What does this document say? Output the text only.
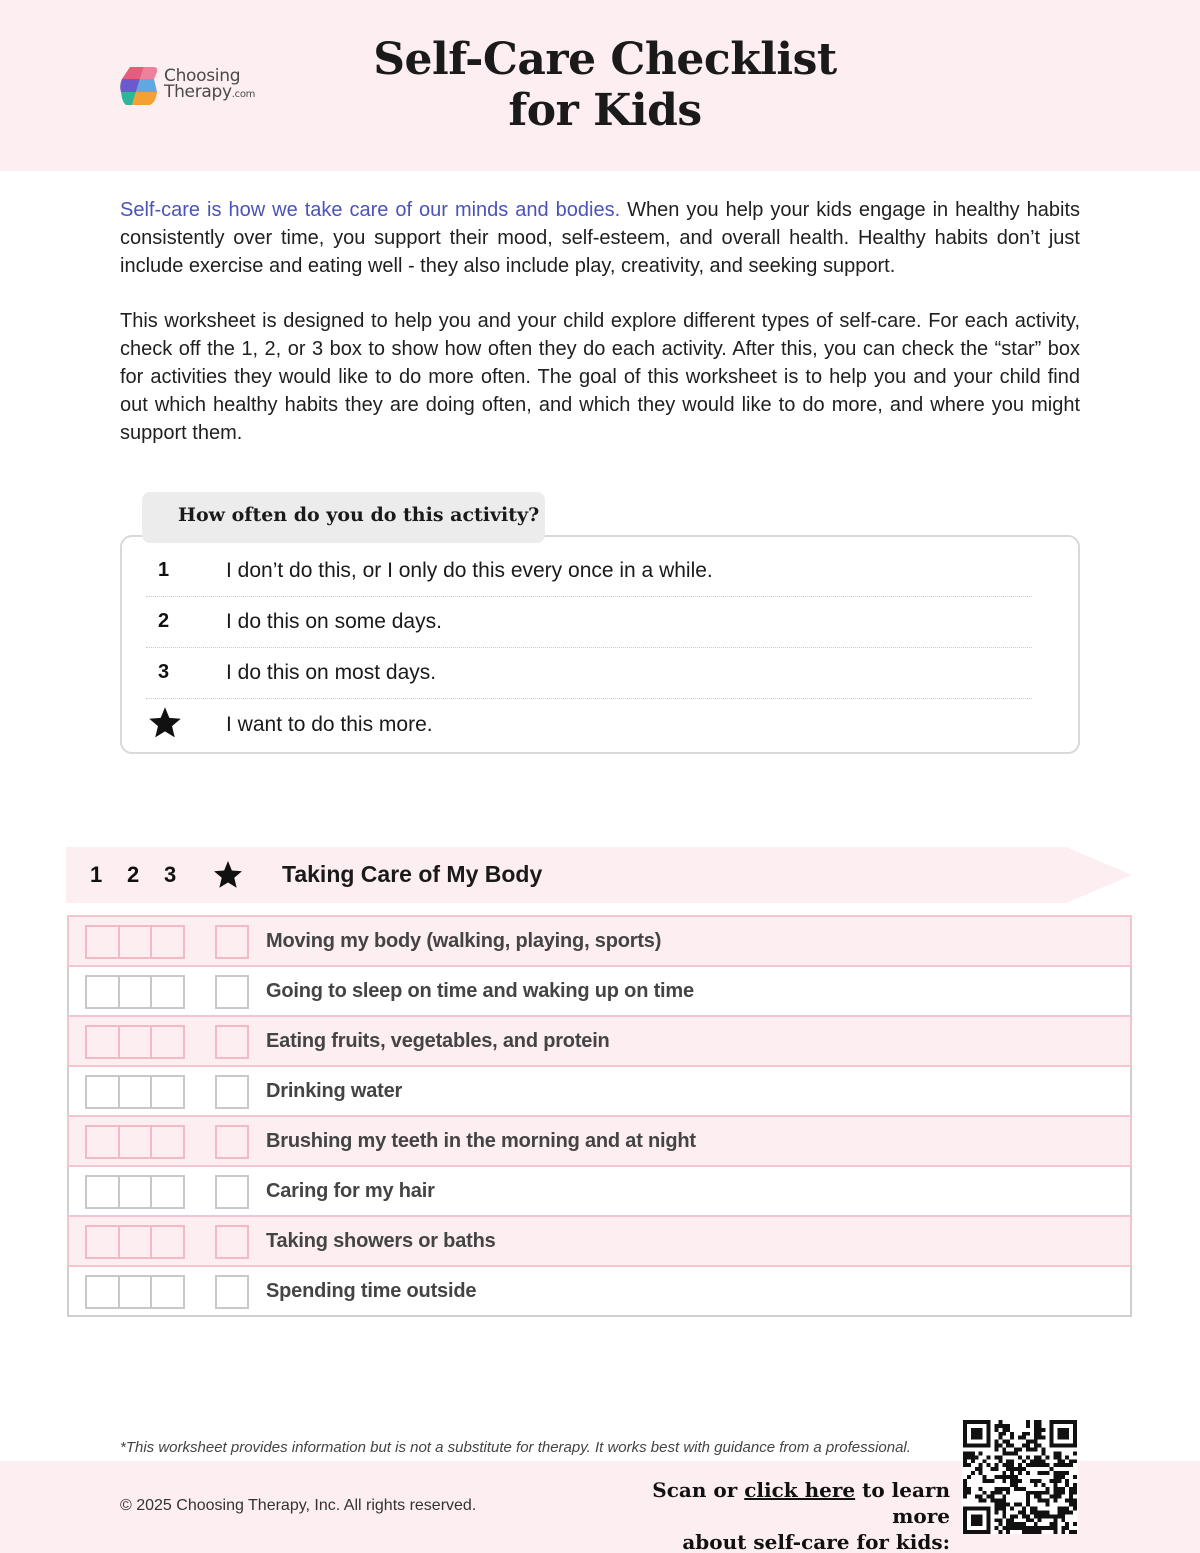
Choosing
Therapy.com
Self-Care Checklist
for Kids

Self-care is how we take care of our minds and bodies. When you help your kids engage in healthy habits consistently over time, you support their mood, self-esteem, and overall health. Healthy habits don’t just include exercise and eating well - they also include play, creativity, and seeking support.

This worksheet is designed to help you and your child explore different types of self-care. For each activity, check off the 1, 2, or 3 box to show how often they do each activity. After this, you can check the “star” box for activities they would like to do more often. The goal of this worksheet is to help you and your child find out which healthy habits they are doing often, and which they would like to do more, and where you might support them.

1	I don’t do this, or I only do this every once in a while.
2	I do this on some days.
3	I do this on most days.
I want to do this more.
How often do you do this activity?
1 2 3	Taking Care of My Body
Moving my body (walking, playing, sports)
Going to sleep on time and waking up on time
Eating fruits, vegetables, and protein
Drinking water
Brushing my teeth in the morning and at night
Caring for my hair
Taking showers or baths
Spending time outside

*This worksheet provides information but is not a substitute for therapy. It works best with guidance from a professional.

© 2025 Choosing Therapy, Inc. All rights reserved.

Scan or click here to learn more
about self-care for kids:
